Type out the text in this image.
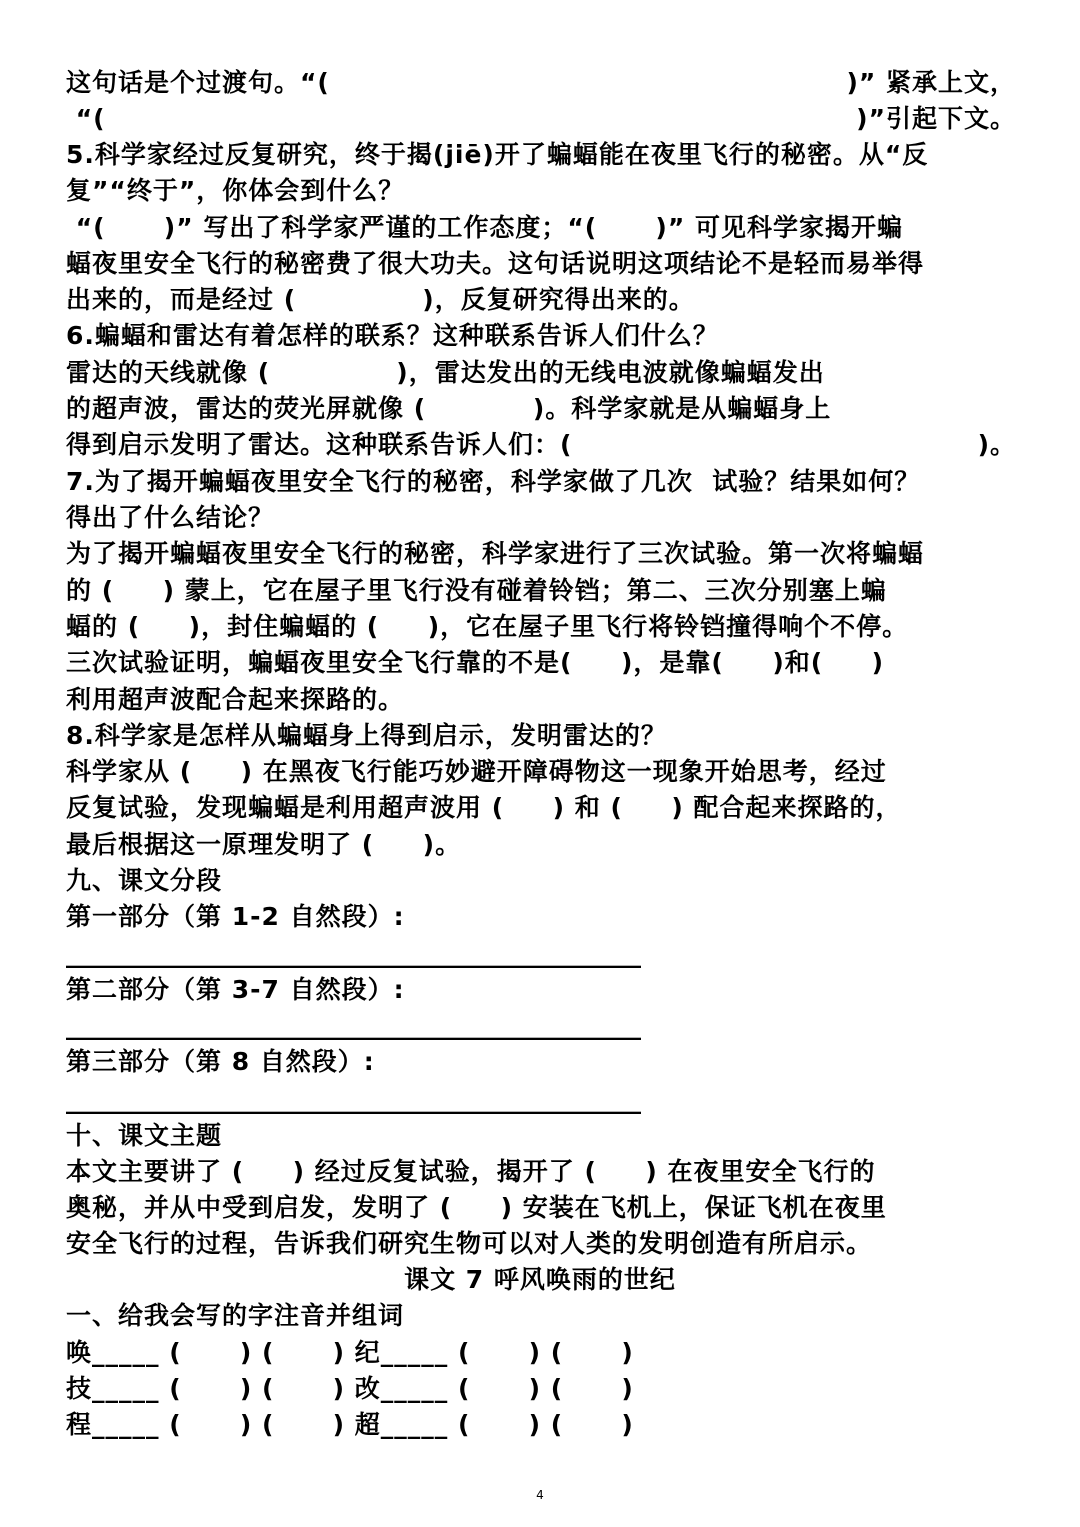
这句话是个过渡句。“(	)” 紧承上文，
“(	)”引起下文。
5.科学家经过反复研究，终于揭(jiē)开了蝙蝠能在夜里飞行的秘密。从“反
复”“终于”，你体会到什么？
“(      )” 写出了科学家严谨的工作态度；“(      )” 可见科学家揭开蝙
蝠夜里安全飞行的秘密费了很大功夫。这句话说明这项结论不是轻而易举得
出来的，而是经过 (             )，反复研究得出来的。
6.蝙蝠和雷达有着怎样的联系？这种联系告诉人们什么？
雷达的天线就像 (             )，雷达发出的无线电波就像蝙蝠发出
的超声波，雷达的荧光屏就像 (           )。科学家就是从蝙蝠身上
得到启示发明了雷达。这种联系告诉人们：(	)。
7.为了揭开蝙蝠夜里安全飞行的秘密，科学家做了几次  试验？结果如何？
得出了什么结论？
为了揭开蝙蝠夜里安全飞行的秘密，科学家进行了三次试验。第一次将蝙蝠
的 (     ) 蒙上，它在屋子里飞行没有碰着铃铛；第二、三次分别塞上蝙
蝠的 (     )，封住蝙蝠的 (     )，它在屋子里飞行将铃铛撞得响个不停。
三次试验证明，蝙蝠夜里安全飞行靠的不是(     )，是靠(     )和(     )
利用超声波配合起来探路的。
8.科学家是怎样从蝙蝠身上得到启示，发明雷达的？
科学家从 (     ) 在黑夜飞行能巧妙避开障碍物这一现象开始思考，经过
反复试验，发现蝙蝠是利用超声波用 (     ) 和 (     ) 配合起来探路的，
最后根据这一原理发明了 (     )。
九、课文分段
第一部分（第 1-2 自然段）:
______________________________________________
第二部分（第 3-7 自然段）:
______________________________________________
第三部分（第 8 自然段）:
______________________________________________
十、课文主题
本文主要讲了 (     ) 经过反复试验，揭开了 (     ) 在夜里安全飞行的
奥秘，并从中受到启发，发明了 (     ) 安装在飞机上，保证飞机在夜里
安全飞行的过程，告诉我们研究生物可以对人类的发明创造有所启示。
课文 7 呼风唤雨的世纪
一、给我会写的字注音并组词
唤_____ (      ) (      ) 纪_____ (      ) (      )
技_____ (      ) (      ) 改_____ (      ) (      )
程_____ (      ) (      ) 超_____ (      ) (      )
4
